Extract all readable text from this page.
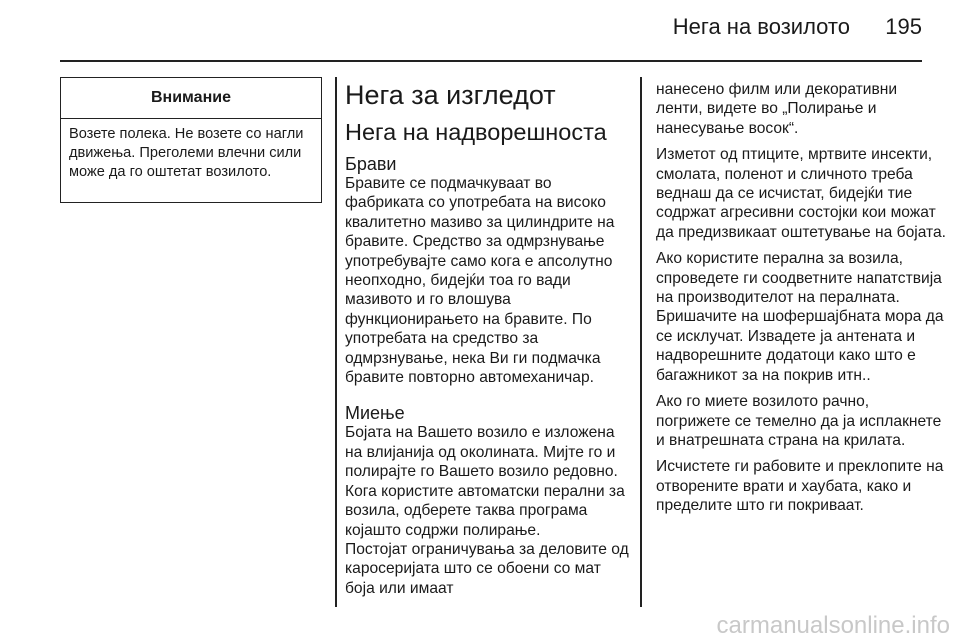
Нега на возилото	195
Внимание
Возете полека. Не возете со нагли движења. Преголеми влечни сили може да го оштетат возилото.
Нега за изгледот
Нега на надворешноста
Брави

Бравите се подмачкуваат во фабриката со употребата на високо квалитетно мазиво за цилиндрите на бравите. Средство за одмрзнување употребувајте само кога е апсолутно неопходно, бидејќи тоа го вади мазивото и го влошува функционирањето на бравите. По употребата на средство за одмрзнување, нека Ви ги подмачка бравите повторно автомеханичар.

Миење

Бојата на Вашето возило е изложена на влијанија од околината. Мијте го и полирајте го Вашето возило редовно. Кога користите автоматски перални за возила, одберете таква програма којашто содржи полирање.

Постојат ограничувања за деловите од каросеријата што се обоени со мат боја или имаат

нанесено филм или декоративни ленти, видете во „Полирање и нанесување восок“.

Изметот од птиците, мртвите инсекти, смолата, поленот и сличното треба веднаш да се исчистат, бидејќи тие содржат агресивни состојки кои можат да предизвикаат оштетување на бојата.

Ако користите перална за возила, спроведете ги соодветните напатствија на производителот на пералната. Бришачите на шофершајбната мора да се исклучат. Извадете ја антената и надворешните додатоци како што е багажникот за на покрив итн..

Ако го миете возилото рачно, погрижете се темелно да ја исплакнете и внатрешната страна на крилата.

Исчистете ги рабовите и преклопите на отворените врати и хаубата, како и пределите што ги покриваат.

carmanualsonline.info
